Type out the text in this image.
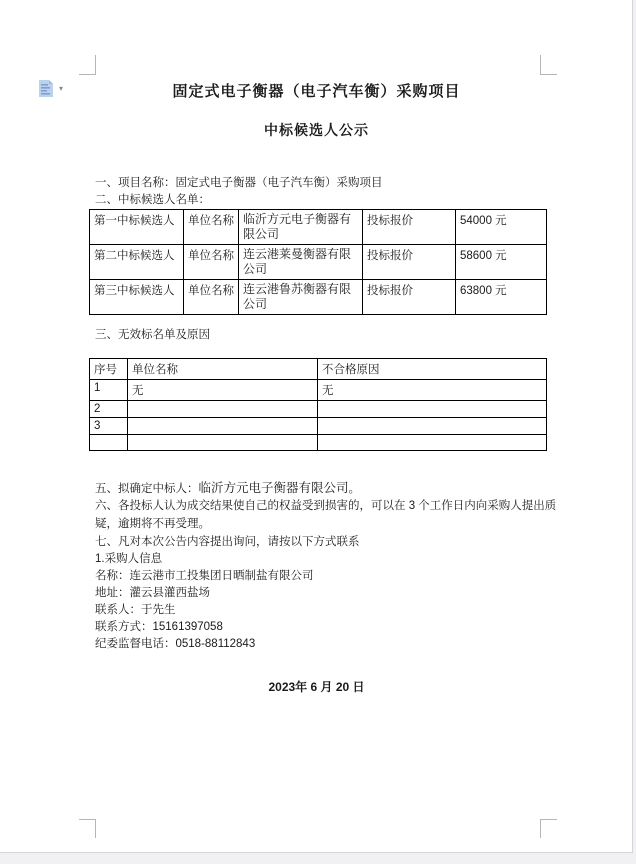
▾	固定式电子衡器（电子汽车衡）采购项目
中标候选人公示
一、项目名称：固定式电子衡器（电子汽车衡）采购项目
二、中标候选人名单：
第一中标候选人	单位名称	临沂方元电子衡器有限公司	投标报价	54000 元
第二中标候选人	单位名称	连云港莱曼衡器有限公司	投标报价	58600 元
第三中标候选人	单位名称	连云港鲁苏衡器有限公司	投标报价	63800 元
三、无效标名单及原因
序号	单位名称	不合格原因
1	无	无
2		
3		

五、拟确定中标人：临沂方元电子衡器有限公司。
六、各投标人认为成交结果使自己的权益受到损害的，可以在 3 个工作日内向采购人提出质疑，逾期将不再受理。
七、凡对本次公告内容提出询问，请按以下方式联系
1.采购人信息
名称：连云港市工投集团日晒制盐有限公司
地址：灌云县灌西盐场
联系人：于先生
联系方式：15161397058
纪委监督电话：0518-88112843
2023年 6 月 20 日
